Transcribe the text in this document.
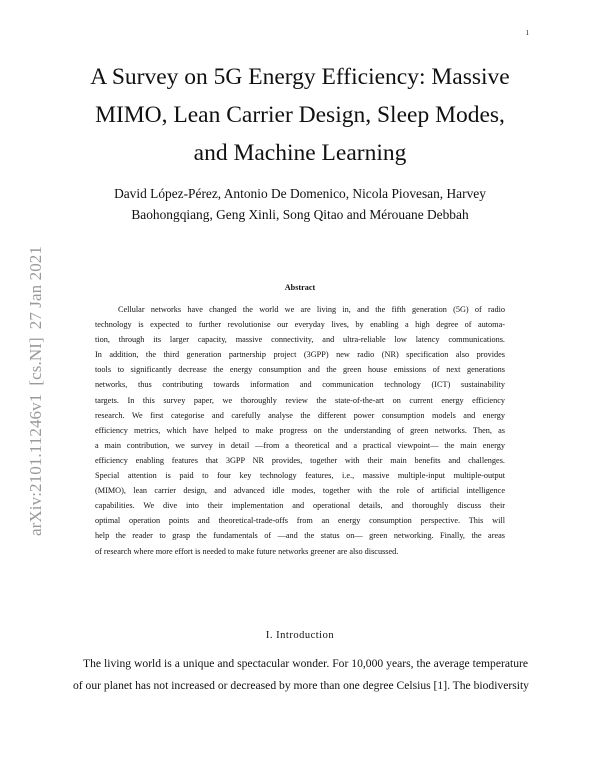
1
arXiv:2101.11246v1[cs.NI]27 Jan 2021
A Survey on 5G Energy Efficiency: Massive
MIMO, Lean Carrier Design, Sleep Modes,
and Machine Learning
David López-Pérez, Antonio De Domenico, Nicola Piovesan, Harvey
Baohongqiang, Geng Xinli, Song Qitao and Mérouane Debbah
Abstract
Cellular networks have changed the world we are living in, and the fifth generation (5G) of radio
technology is expected to further revolutionise our everyday lives, by enabling a high degree of automa-
tion, through its larger capacity, massive connectivity, and ultra-reliable low latency communications.
In addition, the third generation partnership project (3GPP) new radio (NR) specification also provides
tools to significantly decrease the energy consumption and the green house emissions of next generations
networks, thus contributing towards information and communication technology (ICT) sustainability
targets. In this survey paper, we thoroughly review the state-of-the-art on current energy efficiency
research. We first categorise and carefully analyse the different power consumption models and energy
efficiency metrics, which have helped to make progress on the understanding of green networks. Then, as
a main contribution, we survey in detail —from a theoretical and a practical viewpoint— the main energy
efficiency enabling features that 3GPP NR provides, together with their main benefits and challenges.
Special attention is paid to four key technology features, i.e., massive multiple-input multiple-output
(MIMO), lean carrier design, and advanced idle modes, together with the role of artificial intelligence
capabilities. We dive into their implementation and operational details, and thoroughly discuss their
optimal operation points and theoretical-trade-offs from an energy consumption perspective. This will
help the reader to grasp the fundamentals of —and the status on— green networking. Finally, the areas
of research where more effort is needed to make future networks greener are also discussed.
I. Introduction
The living world is a unique and spectacular wonder. For 10,000 years, the average temperature
of our planet has not increased or decreased by more than one degree Celsius [1]. The biodiversity
